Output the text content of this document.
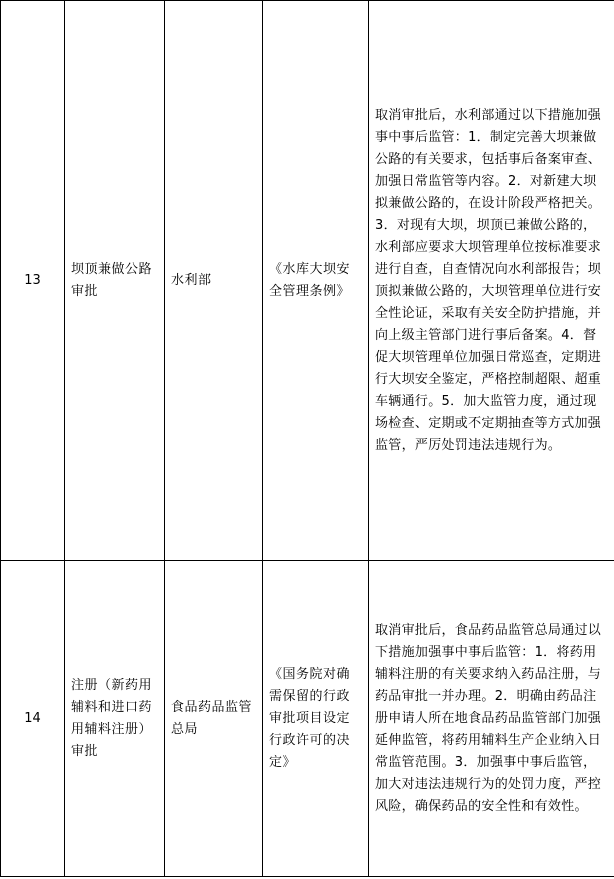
13	坝顶兼做公路审批	水利部	《水库大坝安全管理条例》	取消审批后，水利部通过以下措施加强事中事后监管：1．制定完善大坝兼做公路的有关要求，包括事后备案审查、加强日常监管等内容。2．对新建大坝拟兼做公路的，在设计阶段严格把关。3．对现有大坝，坝顶已兼做公路的，水利部应要求大坝管理单位按标准要求进行自查，自查情况向水利部报告；坝顶拟兼做公路的，大坝管理单位进行安全性论证，采取有关安全防护措施，并向上级主管部门进行事后备案。4．督促大坝管理单位加强日常巡查，定期进行大坝安全鉴定，严格控制超限、超重车辆通行。5．加大监管力度，通过现场检查、定期或不定期抽查等方式加强监管，严厉处罚违法违规行为。
14	注册（新药用辅料和进口药用辅料注册）审批	食品药品监管总局	《国务院对确需保留的行政审批项目设定行政许可的决定》	取消审批后，食品药品监管总局通过以下措施加强事中事后监管：1．将药用辅料注册的有关要求纳入药品注册，与药品审批一并办理。2．明确由药品注册申请人所在地食品药品监管部门加强延伸监管，将药用辅料生产企业纳入日常监管范围。3．加强事中事后监管，加大对违法违规行为的处罚力度，严控风险，确保药品的安全性和有效性。
